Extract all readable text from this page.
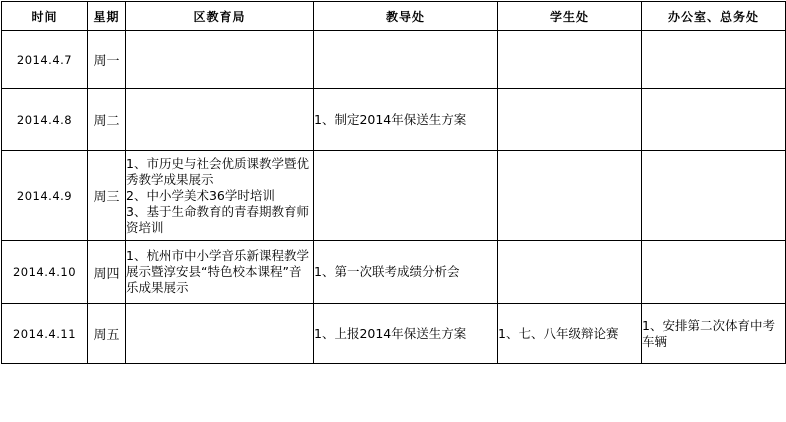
时间	星期	区教育局	教导处	学生处	办公室、总务处
2014.4.7	周一				
2014.4.8	周二		1、制定2014年保送生方案		

2014.4.9	周三	1、市历史与社会优质课教学暨优秀教学成果展示
2、中小学美术36学时培训
3、基于生命教育的青春期教育师资培训			

2014.4.10	周四	1、杭州市中小学音乐新课程教学展示暨淳安县“特色校本课程”音乐成果展示	1、第一次联考成绩分析会		

2014.4.11	周五		1、上报2014年保送生方案	1、七、八年级辩论赛	1、安排第二次体育中考车辆
